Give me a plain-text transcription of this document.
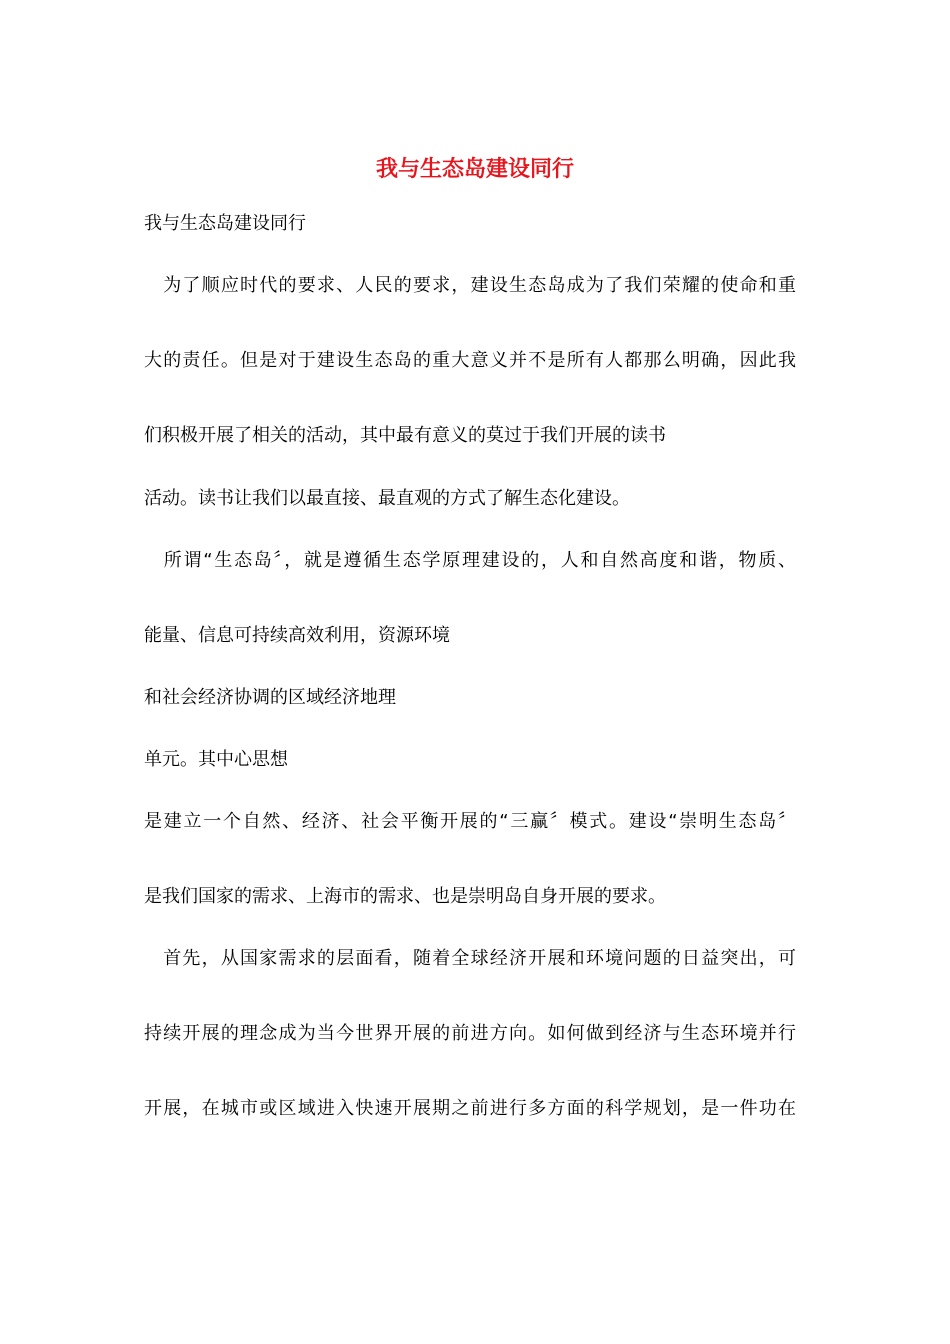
我与生态岛建设同行

我与生态岛建设同行

　为了顺应时代的要求、人民的要求，建设生态岛成为了我们荣耀的使命和重

大的责任。但是对于建设生态岛的重大意义并不是所有人都那么明确，因此我

们积极开展了相关的活动，其中最有意义的莫过于我们开展的读书

活动。读书让我们以最直接、最直观的方式了解生态化建设。

　所谓“生态岛〞，就是遵循生态学原理建设的，人和自然高度和谐，物质、

能量、信息可持续高效利用，资源环境

和社会经济协调的区域经济地理

单元。其中心思想

是建立一个自然、经济、社会平衡开展的“三赢〞模式。建设“崇明生态岛〞

是我们国家的需求、上海市的需求、也是崇明岛自身开展的要求。

　首先，从国家需求的层面看，随着全球经济开展和环境问题的日益突出，可

持续开展的理念成为当今世界开展的前进方向。如何做到经济与生态环境并行

开展，在城市或区域进入快速开展期之前进行多方面的科学规划，是一件功在
